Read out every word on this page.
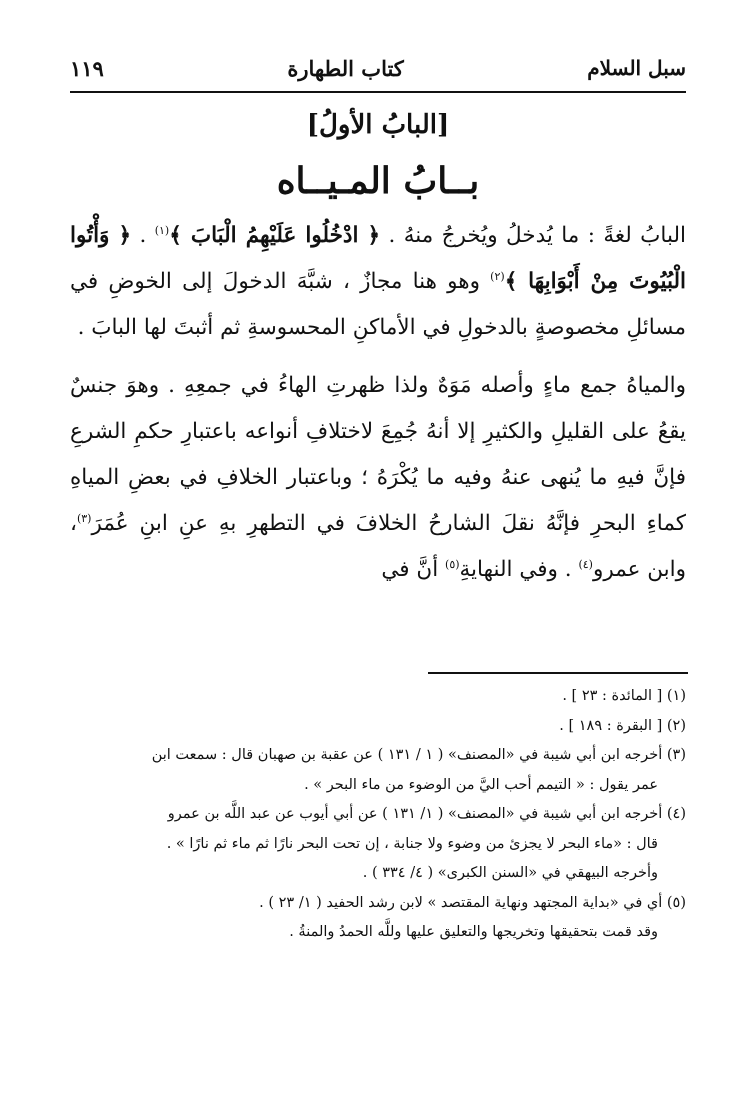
سبل السلام
كتاب الطهارة
١١٩
[البابُ الأولُ]
بــابُ المـيــاه

البابُ لغةً : ما يُدخلُ ويُخرجُ منهُ . ﴿ ادْخُلُوا عَلَيْهِمُ الْبَابَ ﴾$^{(١)}$ . ﴿ وَأْتُوا الْبُيُوتَ مِنْ أَبْوَابِهَا ﴾$^{(٢)}$ وهو هنا مجازٌ ، شبَّهَ الدخولَ إلى الخوضِ في مسائلِ مخصوصةٍ بالدخولِ في الأماكنِ المحسوسةِ ثم أثبتَ لها البابَ .

والمياهُ جمع ماءٍ وأصله مَوَهٌ ولذا ظهرتِ الهاءُ في جمعِهِ . وهوَ جنسٌ يقعُ على القليلِ والكثيرِ إلا أنهُ جُمِعَ لاختلافِ أنواعه باعتبارِ حكمِ الشرعِ فإنَّ فيهِ ما يُنهى عنهُ وفيه ما يُكْرَهُ ؛ وباعتبار الخلافِ في بعضِ المياهِ كماءِ البحرِ فإنَّهُ نقلَ الشارحُ الخلافَ في التطهرِ بهِ عنِ ابنِ عُمَرَ$^{(٣)}$، وابن عمرو$^{(٤)}$ . وفي النهايةِ$^{(٥)}$ أنَّ في

(١) [ المائدة : ٢٣ ] .

(٢) [ البقرة : ١٨٩ ] .

(٣) أخرجه ابن أبي شيبة في «المصنف» ( ١ / ١٣١ ) عن عقبة بن صهبان قال : سمعت ابن

عمر يقول : « التيمم أحب اليَّ من الوضوء من ماء البحر » .

(٤) أخرجه ابن أبي شيبة في «المصنف» ( ١/ ١٣١ ) عن أبي أيوب عن عبد اللَّه بن عمرو

قال : «ماء البحر لا يجزئ من وضوء ولا جنابة ، إن تحت البحر نارًا ثم ماء ثم نارًا » .

وأخرجه البيهقي في «السنن الكبرى» ( ٤/ ٣٣٤ ) .

(٥) أي في «بداية المجتهد ونهاية المقتصد » لابن رشد الحفيد ( ١/ ٢٣ ) .

وقد قمت بتحقيقها وتخريجها والتعليق عليها وللَّه الحمدُ والمنةُ .
